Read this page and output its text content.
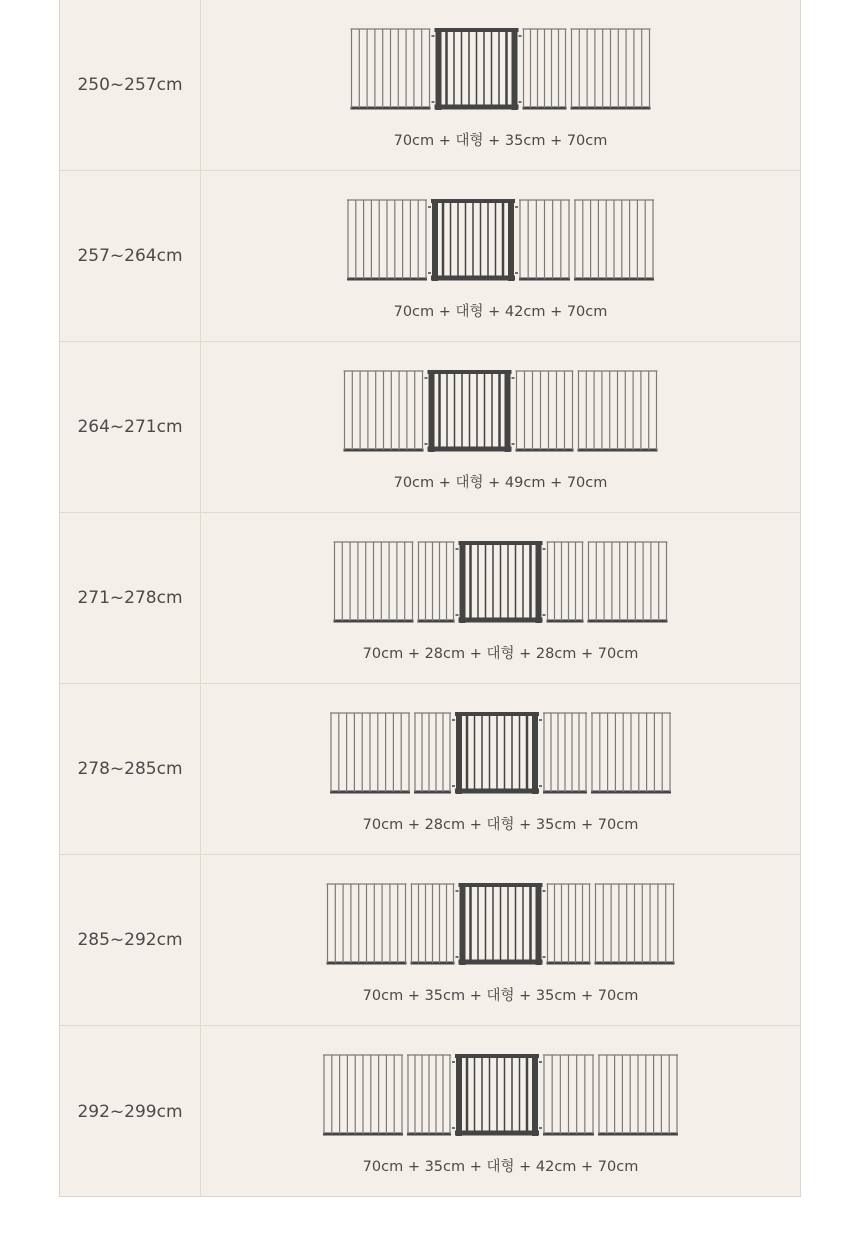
250~257cm
70cm + 대형 + 35cm + 70cm
257~264cm
70cm + 대형 + 42cm + 70cm
264~271cm
70cm + 대형 + 49cm + 70cm
271~278cm
70cm + 28cm + 대형 + 28cm + 70cm
278~285cm
70cm + 28cm + 대형 + 35cm + 70cm
285~292cm
70cm + 35cm + 대형 + 35cm + 70cm
292~299cm
70cm + 35cm + 대형 + 42cm + 70cm
